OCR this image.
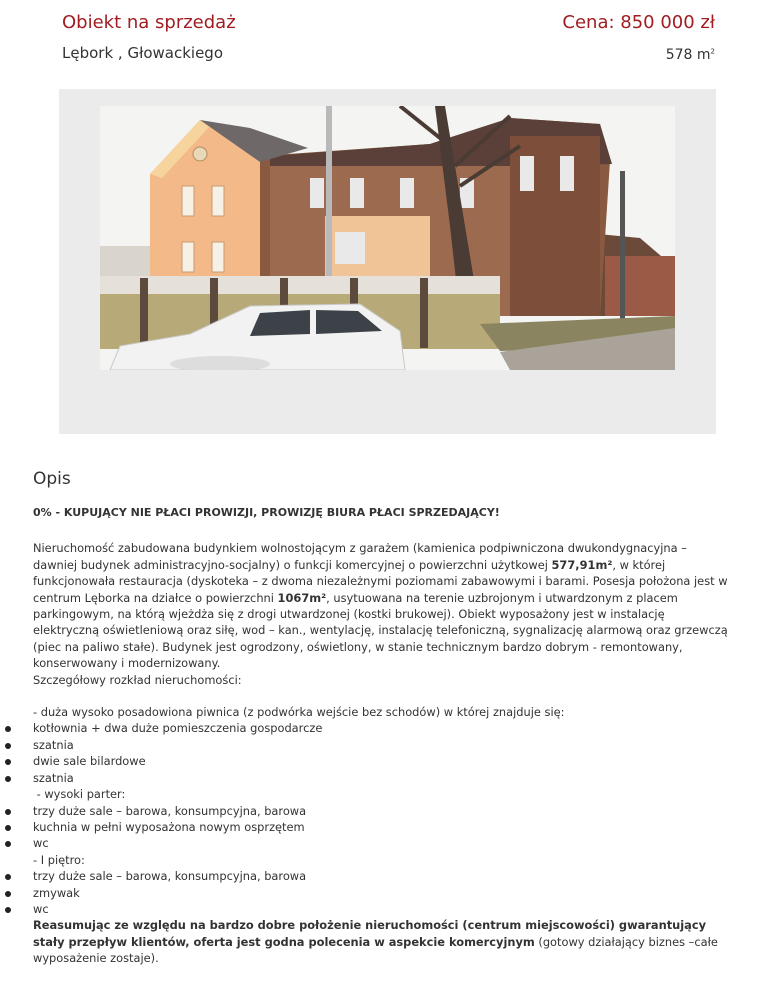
Obiekt na sprzedaż
Lębork , Głowackiego
Cena: 850 000 zł
578 $m^2$
Opis

0% - KUPUJĄCY NIE PŁACI PROWIZJI, PROWIZJĘ BIURA PŁACI SPRZEDAJĄCY!

Nieruchomość zabudowana budynkiem wolnostojącym z garażem (kamienica podpiwniczona dwukondygnacyjna – dawniej budynek administracyjno-socjalny) o funkcji komercyjnej o powierzchni użytkowej 577,91m², w której funkcjonowała restauracja (dyskoteka – z dwoma niezależnymi poziomami zabawowymi i barami. Posesja położona jest w centrum Lęborka na działce o powierzchni 1067m², usytuowana na terenie uzbrojonym i utwardzonym z placem parkingowym, na którą wjeżdża się z drogi utwardzonej (kostki brukowej). Obiekt wyposażony jest w instalację elektryczną oświetleniową oraz siłę, wod – kan., wentylację, instalację telefoniczną, sygnalizację alarmową oraz grzewczą (piec na paliwo stałe). Budynek jest ogrodzony, oświetlony, w stanie technicznym bardzo dobrym - remontowany, konserwowany i modernizowany.

Szczegółowy rozkład nieruchomości:

- duża wysoko posadowiona piwnica (z podwórka wejście bez schodów) w której znajduje się:

kotłownia + dwa duże pomieszczenia gospodarcze

szatnia

dwie sale bilardowe

szatnia

- wysoki parter:

trzy duże sale – barowa, konsumpcyjna, barowa

kuchnia w pełni wyposażona nowym osprzętem

wc

- I piętro:

trzy duże sale – barowa, konsumpcyjna, barowa

zmywak

wc

Reasumując ze względu na bardzo dobre położenie nieruchomości (centrum miejscowości) gwarantujący stały przepływ klientów, oferta jest godna polecenia w aspekcie komercyjnym (gotowy działający biznes –całe wyposażenie zostaje).
